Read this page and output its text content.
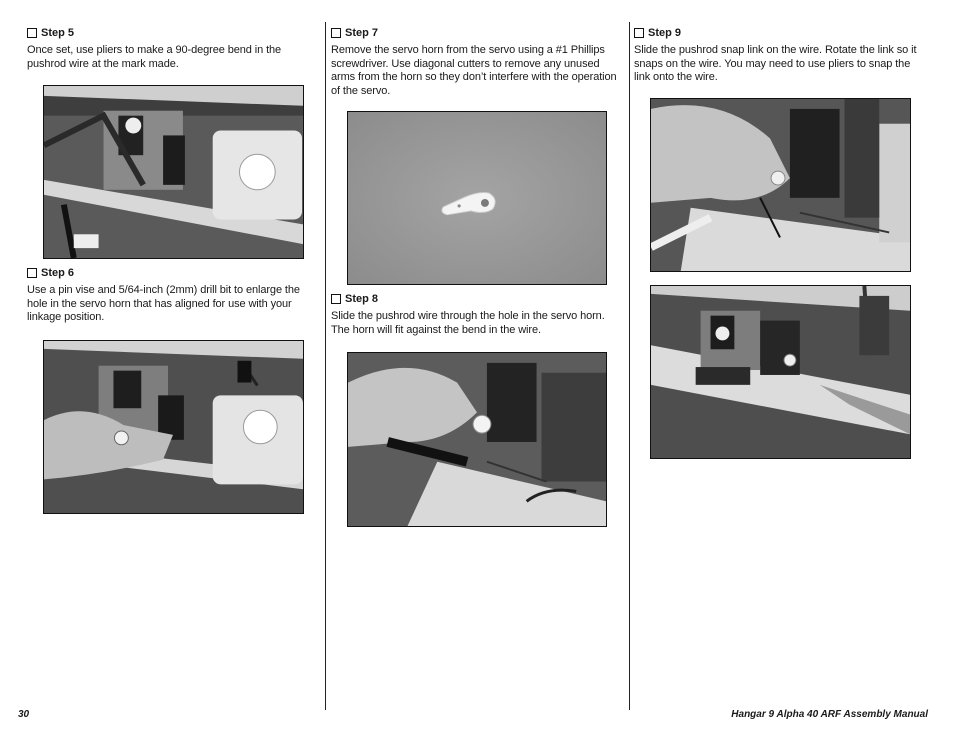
Step 5

Once set, use pliers to make a 90-degree bend in the pushrod wire at the mark made.

Step 6

Use a pin vise and 5/64-inch (2mm) drill bit to enlarge the hole in the servo horn that has aligned for use with your linkage position.

Step 7

Remove the servo horn from the servo using a #1 Phillips screwdriver. Use diagonal cutters to remove any unused arms from the horn so they don’t interfere with the operation of the servo.

Step 8

Slide the pushrod wire through the hole in the servo horn. The horn will fit against the bend in the wire.

Step 9

Slide the pushrod snap link on the wire. Rotate the link so it snaps on the wire. You may need to use pliers to snap the link onto the wire.

30	Hangar 9 Alpha 40 ARF Assembly Manual
